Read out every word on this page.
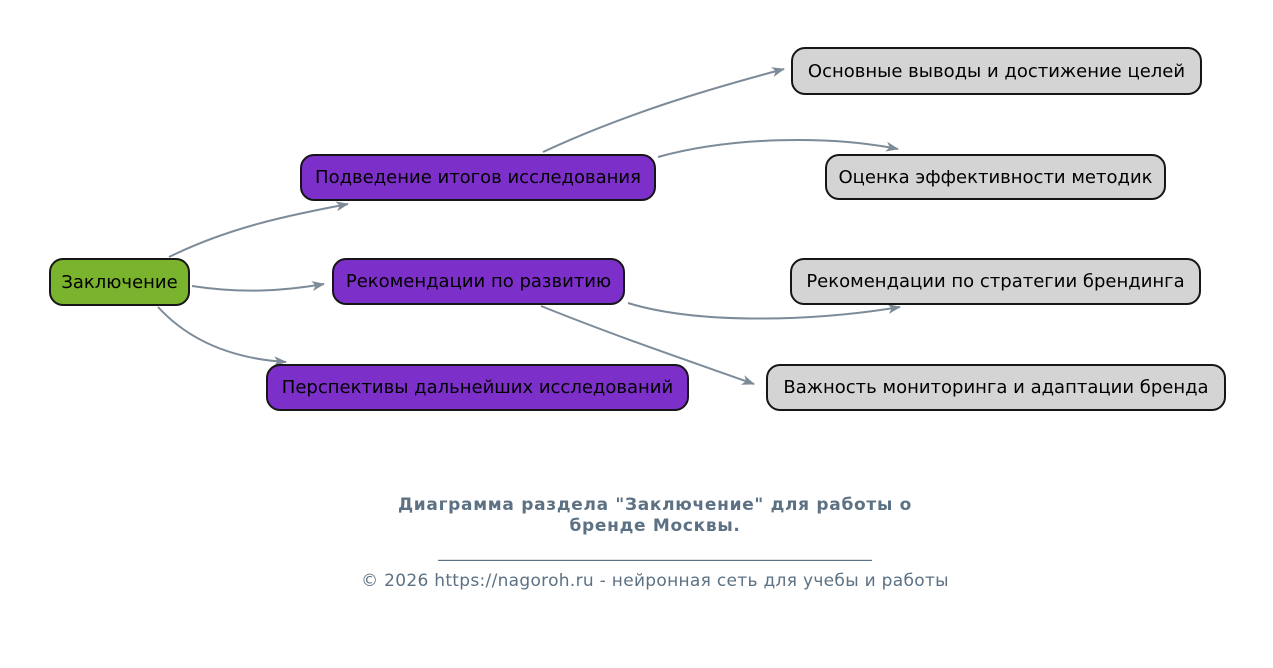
Заключение
Подведение итогов исследования
Рекомендации по развитию
Перспективы дальнейших исследований
Основные выводы и достижение целей
Оценка эффективности методик
Рекомендации по стратегии брендинга
Важность мониторинга и адаптации бренда
Диаграмма раздела "Заключение" для работы о
бренде Москвы.
___________________________________________________
© 2026 https://nagoroh.ru - нейронная сеть для учебы и работы
